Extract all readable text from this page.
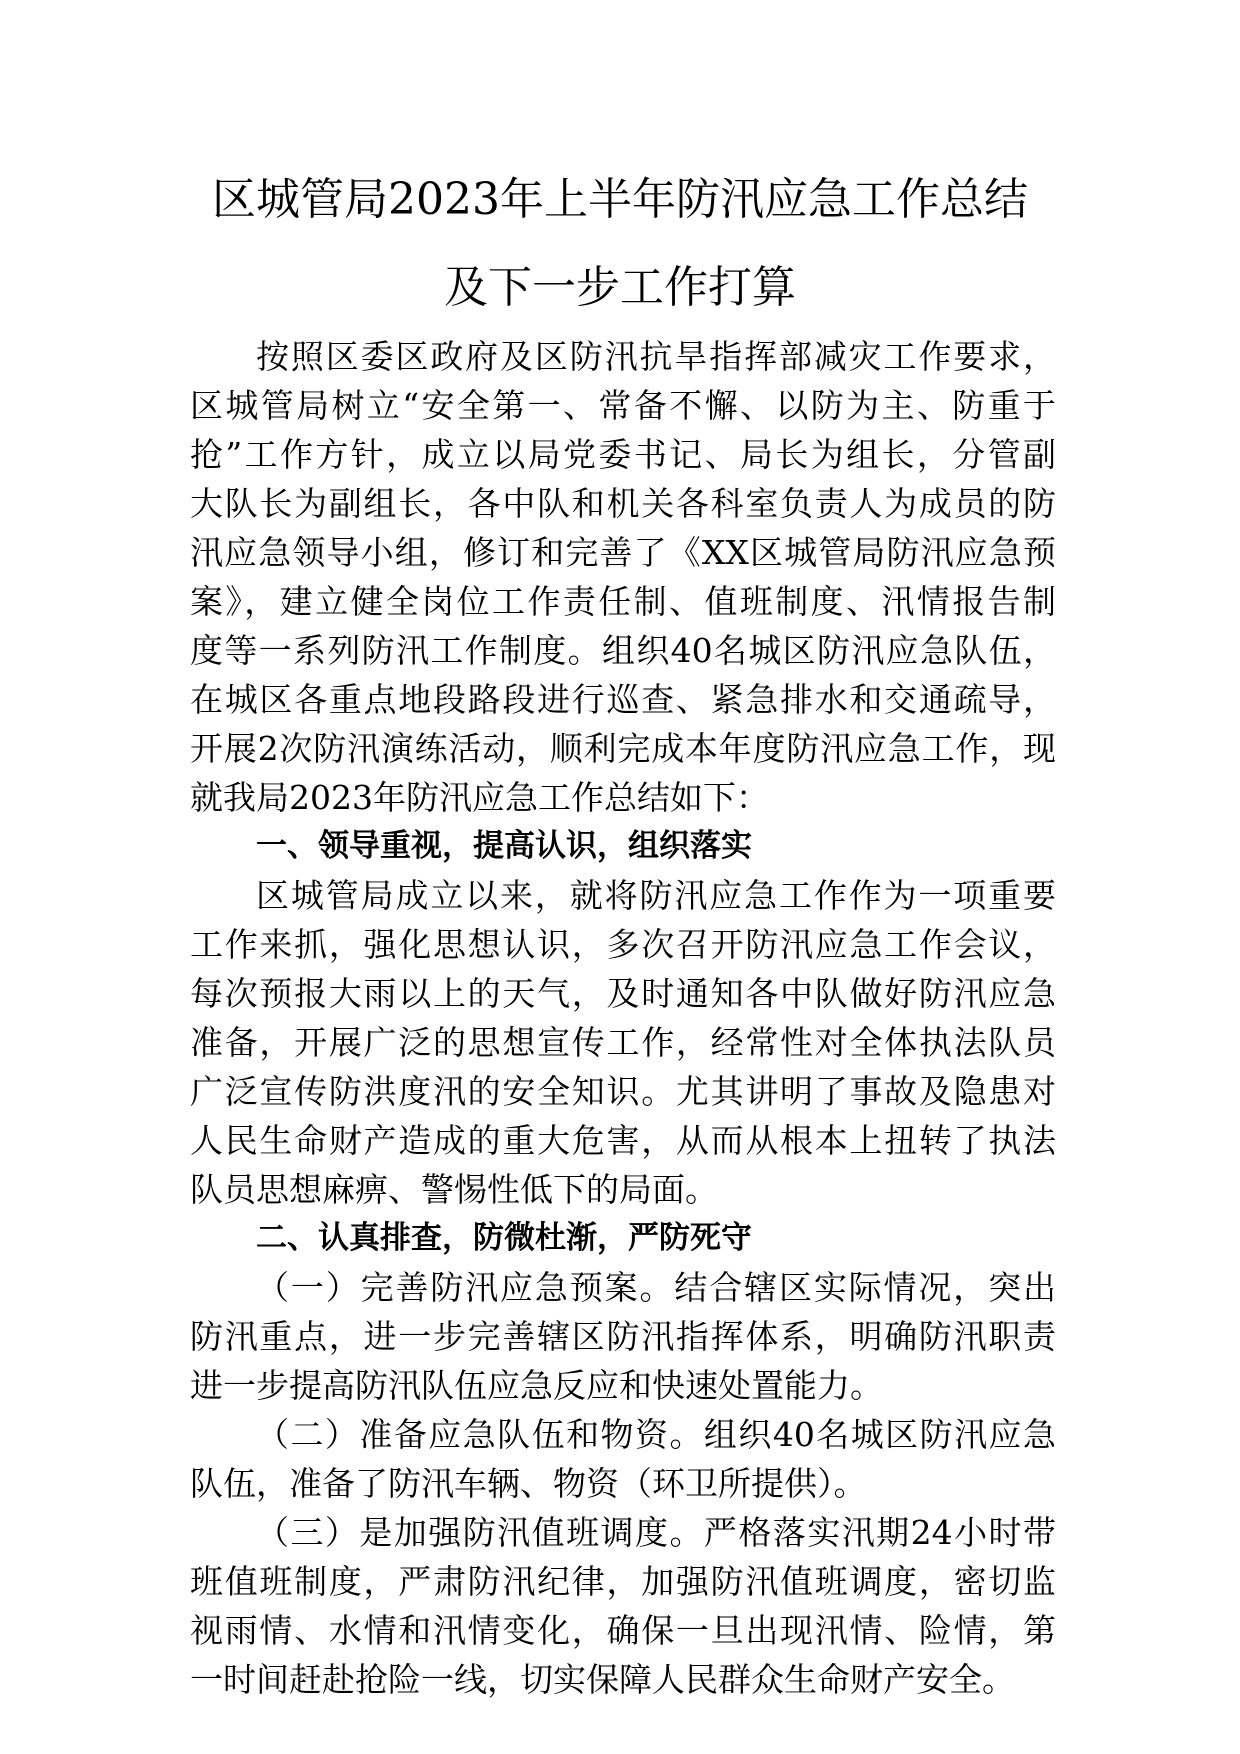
区城管局2023年上半年防汛应急工作总结
及下一步工作打算
按照区委区政府及区防汛抗旱指挥部减灾工作要求，
区城管局树立“安全第一、常备不懈、以防为主、防重于
抢”工作方针，成立以局党委书记、局长为组长，分管副
大队长为副组长，各中队和机关各科室负责人为成员的防
汛应急领导小组，修订和完善了《XX区城管局防汛应急预
案》，建立健全岗位工作责任制、值班制度、汛情报告制
度等一系列防汛工作制度。组织40名城区防汛应急队伍，
在城区各重点地段路段进行巡查、紧急排水和交通疏导，
开展2次防汛演练活动，顺利完成本年度防汛应急工作，现
就我局2023年防汛应急工作总结如下：
一、领导重视，提高认识，组织落实
区城管局成立以来，就将防汛应急工作作为一项重要
工作来抓，强化思想认识，多次召开防汛应急工作会议，
每次预报大雨以上的天气，及时通知各中队做好防汛应急
准备，开展广泛的思想宣传工作，经常性对全体执法队员
广泛宣传防洪度汛的安全知识。尤其讲明了事故及隐患对
人民生命财产造成的重大危害，从而从根本上扭转了执法
队员思想麻痹、警惕性低下的局面。
二、认真排查，防微杜渐，严防死守
（一）完善防汛应急预案。结合辖区实际情况，突出
防汛重点，进一步完善辖区防汛指挥体系，明确防汛职责
进一步提高防汛队伍应急反应和快速处置能力。
（二）准备应急队伍和物资。组织40名城区防汛应急
队伍，准备了防汛车辆、物资（环卫所提供）。
（三）是加强防汛值班调度。严格落实汛期24小时带
班值班制度，严肃防汛纪律，加强防汛值班调度，密切监
视雨情、水情和汛情变化，确保一旦出现汛情、险情，第
一时间赶赴抢险一线，切实保障人民群众生命财产安全。
